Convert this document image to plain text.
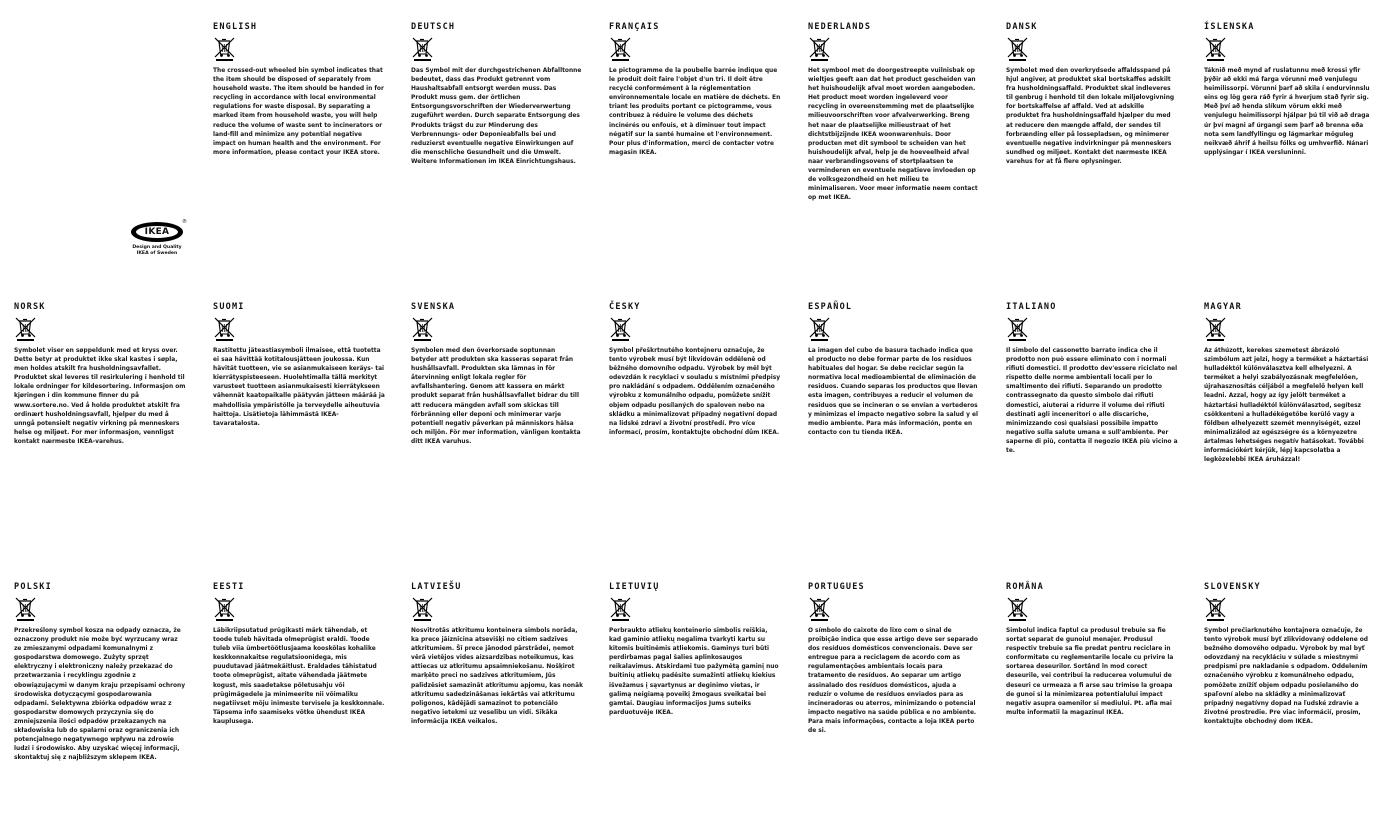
IKEA
®
Design and Quality
IKEA of Sweden
ENGLISH

The crossed-out wheeled bin symbol indicates that the item should be disposed of separately from household waste. The item should be handed in for recycling in accordance with local environmental regulations for waste disposal. By separating a marked item from household waste, you will help reduce the volume of waste sent to incinerators or land-fill and minimize any potential negative impact on human health and the environment. For more information, please contact your IKEA store.

DEUTSCH

Das Symbol mit der durchgestrichenen Abfalltonne bedeutet, dass das Produkt getrennt vom Haushaltsabfall entsorgt werden muss. Das Produkt muss gem. der örtlichen Entsorgungsvorschriften der Wiederverwertung zugeführt werden. Durch separate Entsorgung des Produkts trägst du zur Minderung des Verbrennungs- oder Deponieabfalls bei und reduzierst eventuelle negative Einwirkungen auf die menschliche Gesundheit und die Umwelt. Weitere Informationen im IKEA Einrichtungshaus.

FRANÇAIS

Le pictogramme de la poubelle barrée indique que le produit doit faire l'objet d'un tri. Il doit être recyclé conformément à la réglementation environnementale locale en matière de déchets. En triant les produits portant ce pictogramme, vous contribuez à réduire le volume des déchets incinérés ou enfouis, et à diminuer tout impact négatif sur la santé humaine et l'environnement. Pour plus d'information, merci de contacter votre magasin IKEA.

NEDERLANDS

Het symbool met de doorgestreepte vuilnisbak op wieltjes geeft aan dat het product gescheiden van het huishoudelijk afval moet worden aangeboden. Het product moet worden ingeleverd voor recycling in overeenstemming met de plaatselijke milieuvoorschriften voor afvalverwerking. Breng het naar de plaatselijke milieustraat of het dichtstbijzijnde IKEA woonwarenhuis. Door producten met dit symbool te scheiden van het huishoudelijk afval, help je de hoeveelheid afval naar verbrandingsovens of stortplaatsen te verminderen en eventuele negatieve invloeden op de volksgezondheid en het milieu te minimaliseren. Voor meer informatie neem contact op met IKEA.

DANSK

Symbolet med den overkrydsede affaldsspand på hjul angiver, at produktet skal bortskaffes adskilt fra husholdningsaffald. Produktet skal indleveres til genbrug i henhold til den lokale miljølovgivning for bortskaffelse af affald. Ved at adskille produktet fra husholdningsaffald hjælper du med at reducere den mængde affald, der sendes til forbrænding eller på lossepladsen, og minimerer eventuelle negative indvirkninger på menneskers sundhed og miljøet. Kontakt det nærmeste IKEA varehus for at få flere oplysninger.

ÍSLENSKA

Táknið með mynd af ruslatunnu með krossi yfir þýðir að ekki má farga vörunni með venjulegu heimilissorpi. Vörunni þarf að skila í endurvinnslu eins og lög gera ráð fyrir á hverjum stað fyrir sig. Með því að henda slíkum vörum ekki með venjulegu heimilissorpi hjálpar þú til við að draga úr því magni af úrgangi sem þarf að brenna eða nota sem landfyllingu og lágmarkar möguleg neikvæð áhrif á heilsu fólks og umhverfið. Nánari upplýsingar í IKEA versluninni.

NORSK

Symbolet viser en søppeldunk med et kryss over. Dette betyr at produktet ikke skal kastes i søpla, men holdes atskilt fra husholdningsavfallet. Produktet skal leveres til resirkulering i henhold til lokale ordninger for kildesortering. Informasjon om kjøringen i din kommune finner du på www.sortere.no. Ved å holde produktet atskilt fra ordinært husholdningsavfall, hjelper du med å unngå potensielt negativ virkning på menneskers helse og miljøet. For mer informasjon, vennligst kontakt nærmeste IKEA-varehus.

SUOMI

Rastitettu jäteastiasymboli ilmaisee, että tuotetta ei saa hävittää kotitalousjätteen joukossa. Kun hävität tuotteen, vie se asianmukaiseen keräys- tai kierrätyspisteeseen. Huolehtimalla tällä merkityt varusteet tuotteen asianmukaisesti kierrätykseen vähennät kaatopaikalle päätyvän jätteen määrää ja mahdollisia ympäristölle ja terveydelle aiheutuvia haittoja. Lisätietoja lähimmästä IKEA-tavaratalosta.

SVENSKA

Symbolen med den överkorsade soptunnan betyder att produkten ska kasseras separat från hushållsavfall. Produkten ska lämnas in för återvinning enligt lokala regler för avfallshantering. Genom att kassera en märkt produkt separat från hushållsavfallet bidrar du till att reducera mängden avfall som skickas till förbränning eller deponi och minimerar varje potentiell negativ påverkan på människors hälsa och miljön. För mer information, vänligen kontakta ditt IKEA varuhus.

ČESKY

Symbol přeškrtnutého kontejneru označuje, že tento výrobek musí být likvidován odděleně od běžného domovního odpadu. Výrobek by měl být odevzdán k recyklaci v souladu s místními předpisy pro nakládání s odpadem. Oddělením označeného výrobku z komunálního odpadu, pomůžete snížit objem odpadu posílaných do spaloven nebo na skládku a minimalizovat případný negativní dopad na lidské zdraví a životní prostředí. Pro více informací, prosím, kontaktujte obchodní dům IKEA.

ESPAÑOL

La imagen del cubo de basura tachado indica que el producto no debe formar parte de los residuos habituales del hogar. Se debe reciclar según la normativa local medioambiental de eliminación de residuos. Cuando separas los productos que llevan esta imagen, contribuyes a reducir el volumen de residuos que se incineran o se envían a vertederos y minimizas el impacto negativo sobre la salud y el medio ambiente. Para más información, ponte en contacto con tu tienda IKEA.

ITALIANO

Il simbolo del cassonetto barrato indica che il prodotto non può essere eliminato con i normali rifiuti domestici. Il prodotto dev'essere riciclato nel rispetto delle norme ambientali locali per lo smaltimento dei rifiuti. Separando un prodotto contrassegnato da questo simbolo dai rifiuti domestici, aiuterai a ridurre il volume dei rifiuti destinati agli inceneritori o alle discariche, minimizzando così qualsiasi possibile impatto negativo sulla salute umana e sull'ambiente. Per saperne di più, contatta il negozio IKEA più vicino a te.

MAGYAR

Az áthúzott, kerekes szemetest ábrázoló szimbólum azt jelzi, hogy a terméket a háztartási hulladéktól különválasztva kell elhelyezni. A terméket a helyi szabályozásnak megfelelően, újrahasznosítás céljából a megfelelő helyen kell leadni. Azzal, hogy az így jelölt terméket a háztartási hulladéktól különválasztod, segítesz csökkenteni a hulladékégetőbe kerülő vagy a földben elhelyezett szemét mennyiségét, ezzel minimalizálod az egészségre és a környezetre ártalmas lehetséges negatív hatásokat. További információkért kérjük, lépj kapcsolatba a legközelebbi IKEA áruházzal!

POLSKI

Przekreślony symbol kosza na odpady oznacza, że oznaczony produkt nie może być wyrzucany wraz ze zmieszanymi odpadami komunalnymi z gospodarstwa domowego. Zużyty sprzęt elektryczny i elektroniczny należy przekazać do przetwarzania i recyklingu zgodnie z obowiązującymi w danym kraju przepisami ochrony środowiska dotyczącymi gospodarowania odpadami. Selektywna zbiórka odpadów wraz z gospodarstw domowych przyczynia się do zmniejszenia ilości odpadów przekazanych na składowiska lub do spalarni oraz ograniczenia ich potencjalnego negatywnego wpływu na zdrowie ludzi i środowisko. Aby uzyskać więcej informacji, skontaktuj się z najbliższym sklepem IKEA.

EESTI

Läbikriipsutatud prügikasti märk tähendab, et toode tuleb hävitada olmeprügist eraldi. Toode tuleb viia ümbertöötlusjaama kooskõlas kohalike keskkonnakaitse regulatsioonidega, mis puudutavad jäätmekäitlust. Eraldades tähistatud toote olmeprügist, aitate vähendada jäätmete kogust, mis saadetakse põletusahju või prügimägedele ja minimeerite nii võimaliku negatiivset mõju inimeste tervisele ja keskkonnale. Täpsema info saamiseks võtke ühendust IKEA kauplusega.

LATVIEŠU

Nosvītrotās atkritumu konteinera simbols norāda, ka prece jāiznīcina atsevišķi no citiem sadzīves atkritumiem. Šī prece jānodod pārstrādei, ņemot vērā vietējos vides aizsardzības noteikumus, kas attiecas uz atkritumu apsaimniekošanu. Nošķirot marķēto preci no sadzīves atkritumiem, Jūs palīdzēsiet samazināt atkritumu apjomu, kas nonāk atkritumu sadedzināšanas iekārtās vai atkritumu poligonos, kādējādi samazinot to potenciālo negatīvo ietekmi uz veselību un vidi. Sīkāka informācija IKEA veikalos.

LIETUVIŲ

Perbraukto atliekų konteinerio simbolis reiškia, kad gaminio atliekų negalima tvarkyti kartu su kitomis buitinėmis atliekomis. Gaminys turi būti perdirbamas pagal šalies aplinkosaugos reikalavimus. Atskirdami tuo pažymėtą gaminį nuo buitinių atliekų padėsite sumažinti atliekų kiekius išvežamus į sąvartynus ar deginimo vietas, ir galimą neigiamą poveikį žmogaus sveikatai bei gamtai. Daugiau informacijos Jums suteiks parduotuvėje IKEA.

PORTUGUES

O símbolo do caixote do lixo com o sinal de proibição indica que esse artigo deve ser separado dos resíduos domésticos convencionais. Deve ser entregue para a reciclagem de acordo com as regulamentações ambientais locais para tratamento de resíduos. Ao separar um artigo assinalado dos resíduos domésticos, ajuda a reduzir o volume de resíduos enviados para as incineradoras ou aterros, minimizando o potencial impacto negativo na saúde pública e no ambiente. Para mais informações, contacte a loja IKEA perto de si.

ROMÂNA

Simbolul indica faptul ca produsul trebuie sa fie sortat separat de gunoiul menajer. Produsul respectiv trebuie sa fie predat pentru reciclare in conformitate cu reglementarile locale cu privire la sortarea deseurilor. Sortând în mod corect deseurile, vei contribui la reducerea volumului de deseuri ce urmeaza a fi arse sau trimise la groapa de gunoi si la minimizarea potentialului impact negativ asupra oamenilor si mediului. Pt. afla mai multe informatii la magazinul IKEA.

SLOVENSKY

Symbol prečiarknutého kontajnera označuje, že tento výrobok musí byť zlikvidovaný oddelene od bežného domového odpadu. Výrobok by mal byť odovzdaný na recykláciu v súlade s miestnymi predpismi pre nakladanie s odpadom. Oddelením označeného výrobku z komunálneho odpadu, pomôžete znížiť objem odpadu posielaného do spaľovní alebo na skládky a minimalizovať prípadný negatívny dopad na ľudské zdravie a životné prostredie. Pre viac informácií, prosím, kontaktujte obchodný dom IKEA.
